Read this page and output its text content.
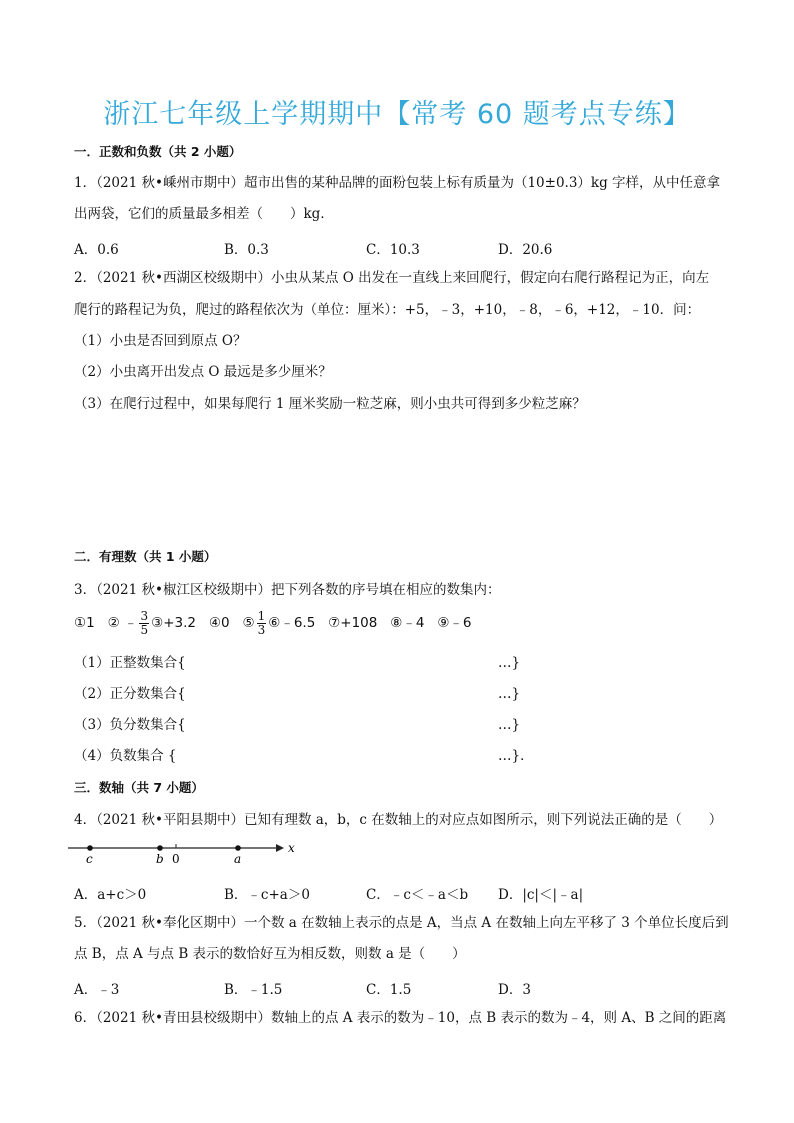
浙江七年级上学期期中【常考 60 题考点专练】
一．正数和负数（共 2 小题）
1．（2021 秋•嵊州市期中）超市出售的某种品牌的面粉包装上标有质量为（10±0.3）kg 字样，从中任意拿
出两袋，它们的质量最多相差（　　）kg．
A．0.6	B．0.3	C．10.3	D．20.6
2．（2021 秋•西湖区校级期中）小虫从某点 O 出发在一直线上来回爬行，假定向右爬行路程记为正，向左
爬行的路程记为负，爬过的路程依次为（单位：厘米）：+5，﹣3，+10，﹣8，﹣6，+12，﹣10．问：
（1）小虫是否回到原点 O？
（2）小虫离开出发点 O 最远是多少厘米？
（3）在爬行过程中，如果每爬行 1 厘米奖励一粒芝麻，则小虫共可得到多少粒芝麻？
二．有理数（共 1 小题）
3．（2021 秋•椒江区校级期中）把下列各数的序号填在相应的数集内：
①1 ② ﹣ $\frac{3}{5}$ ③+3.2 ④0 ⑤ $\frac{1}{3}$ ⑥﹣6.5 ⑦+108 ⑧﹣4 ⑨﹣6
（1）正整数集合{	…}
（2）正分数集合{	…}
（3）负分数集合{	…}
（4）负数集合 {	…}．
三．数轴（共 7 小题）
4．（2021 秋•平阳县期中）已知有理数 a，b，c 在数轴上的对应点如图所示，则下列说法正确的是（　　）
c	b 0	a
x
A．a+c＞0	B．﹣c+a＞0	C．﹣c＜﹣a＜b D．|c|＜|﹣a|
5．（2021 秋•奉化区期中）一个数 a 在数轴上表示的点是 A，当点 A 在数轴上向左平移了 3 个单位长度后到
点 B，点 A 与点 B 表示的数恰好互为相反数，则数 a 是（　　）
A．﹣3	B．﹣1.5	C．1.5	D．3
6．（2021 秋•青田县校级期中）数轴上的点 A 表示的数为﹣10，点 B 表示的数为﹣4，则 A、B 之间的距离
